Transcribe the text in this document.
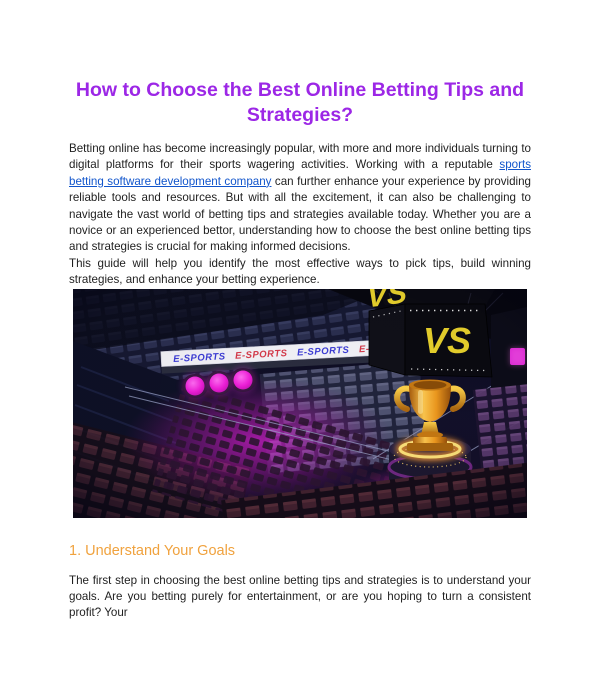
How to Choose the Best Online Betting Tips and Strategies?

Betting online has become increasingly popular, with more and more individuals turning to digital platforms for their sports wagering activities. Working with a reputable sports betting software development company can further enhance your experience by providing reliable tools and resources. But with all the excitement, it can also be challenging to navigate the vast world of betting tips and strategies available today. Whether you are a novice or an experienced bettor, understanding how to choose the best online betting tips and strategies is crucial for making informed decisions.

This guide will help you identify the most effective ways to pick tips, build winning strategies, and enhance your betting experience.

1. Understand Your Goals

The first step in choosing the best online betting tips and strategies is to understand your goals. Are you betting purely for entertainment, or are you hoping to turn a consistent profit? Your
